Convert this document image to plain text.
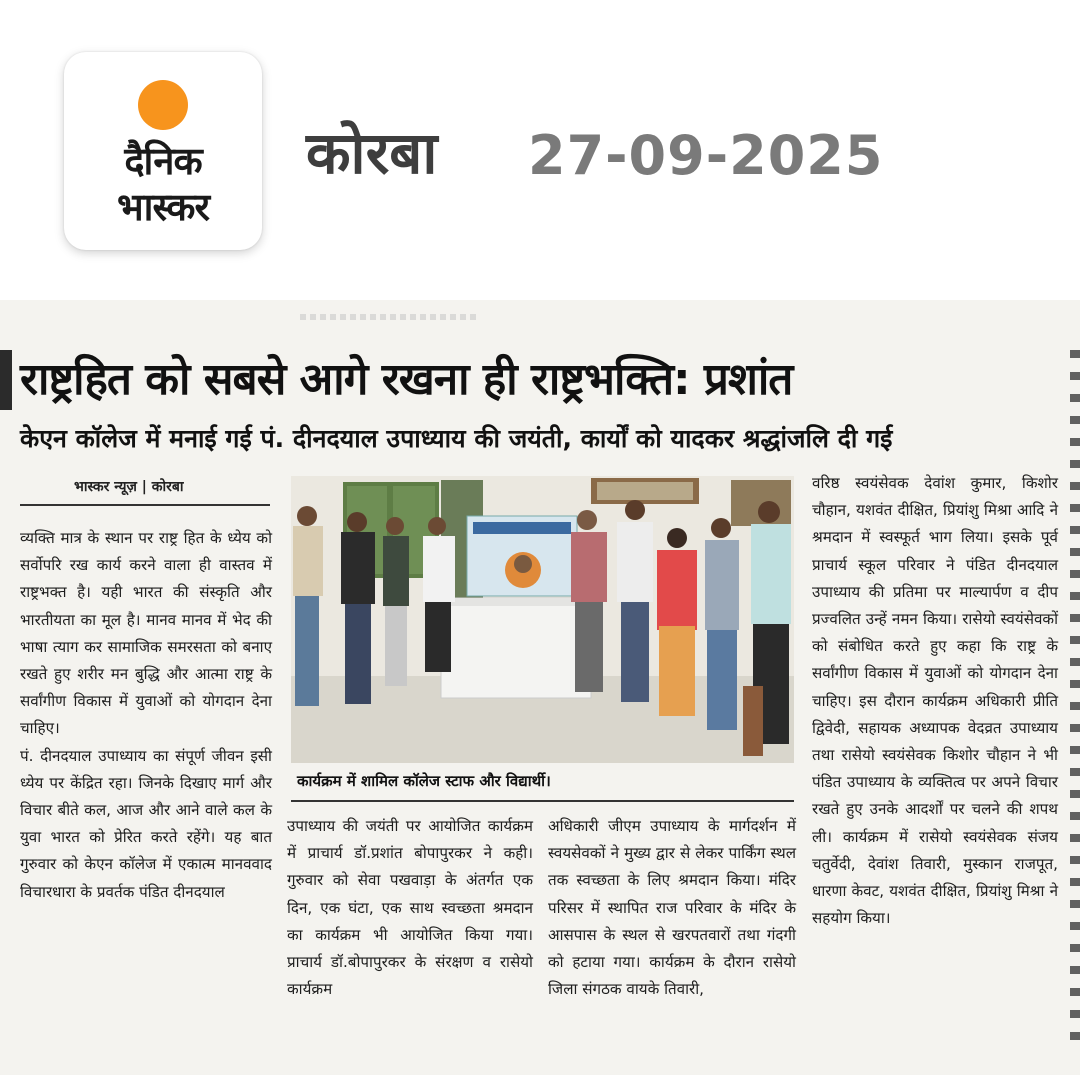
दैनिक
भास्कर
कोरबा 27-09-2025
राष्ट्रहित को सबसे आगे रखना ही राष्ट्रभक्ति: प्रशांत
केएन कॉलेज में मनाई गई पं. दीनदयाल उपाध्याय की जयंती, कार्यों को यादकर श्रद्धांजलि दी गई
भास्कर न्यूज़ | कोरबा
व्यक्ति मात्र के स्थान पर राष्ट्र हित के ध्येय को सर्वोपरि रख कार्य करने वाला ही वास्तव में राष्ट्रभक्त है। यही भारत की संस्कृति और भारतीयता का मूल है। मानव मानव में भेद की भाषा त्याग कर सामाजिक समरसता को बनाए रखते हुए शरीर मन बुद्धि और आत्मा राष्ट्र के सर्वांगीण विकास में युवाओं को योगदान देना चाहिए।
पं. दीनदयाल उपाध्याय का संपूर्ण जीवन इसी ध्येय पर केंद्रित रहा। जिनके दिखाए मार्ग और विचार बीते कल, आज और आने वाले कल के युवा भारत को प्रेरित करते रहेंगे। यह बात गुरुवार को केएन कॉलेज में एकात्म मानववाद विचारधारा के प्रवर्तक पंडित दीनदयाल
कार्यक्रम में शामिल कॉलेज स्टाफ और विद्यार्थी।
उपाध्याय की जयंती पर आयोजित कार्यक्रम में प्राचार्य डॉ.प्रशांत बोपापुरकर ने कही। गुरुवार को सेवा पखवाड़ा के अंतर्गत एक दिन, एक घंटा, एक साथ स्वच्छता श्रमदान का कार्यक्रम भी आयोजित किया गया। प्राचार्य डॉ.बोपापुरकर के संरक्षण व रासेयो कार्यक्रम
अधिकारी जीएम उपाध्याय के मार्गदर्शन में स्वयसेवकों ने मुख्य द्वार से लेकर पार्किंग स्थल तक स्वच्छता के लिए श्रमदान किया। मंदिर परिसर में स्थापित राज परिवार के मंदिर के आसपास के स्थल से खरपतवारों तथा गंदगी को हटाया गया। कार्यक्रम के दौरान रासेयो जिला संगठक वायके तिवारी,
वरिष्ठ स्वयंसेवक देवांश कुमार, किशोर चौहान, यशवंत दीक्षित, प्रियांशु मिश्रा आदि ने श्रमदान में स्वस्फूर्त भाग लिया। इसके पूर्व प्राचार्य स्कूल परिवार ने पंडित दीनदयाल उपाध्याय की प्रतिमा पर माल्यार्पण व दीप प्रज्वलित उन्हें नमन किया। रासेयो स्वयंसेवकों को संबोधित करते हुए कहा कि राष्ट्र के सर्वांगीण विकास में युवाओं को योगदान देना चाहिए। इस दौरान कार्यक्रम अधिकारी प्रीति द्विवेदी, सहायक अध्यापक वेदव्रत उपाध्याय तथा रासेयो स्वयंसेवक किशोर चौहान ने भी पंडित उपाध्याय के व्यक्तित्व पर अपने विचार रखते हुए उनके आदर्शों पर चलने की शपथ ली। कार्यक्रम में रासेयो स्वयंसेवक संजय चतुर्वेदी, देवांश तिवारी, मुस्कान राजपूत, धारणा केवट, यशवंत दीक्षित, प्रियांशु मिश्रा ने सहयोग किया।
